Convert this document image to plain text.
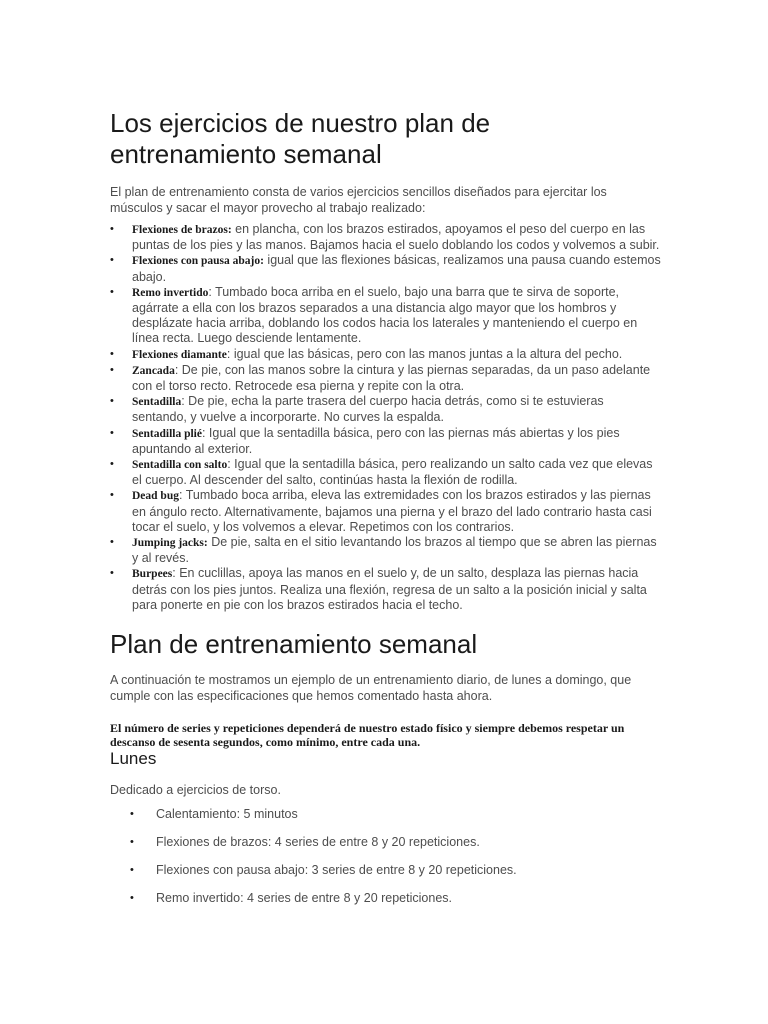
Los ejercicios de nuestro plan de entrenamiento semanal

El plan de entrenamiento consta de varios ejercicios sencillos diseñados para ejercitar los músculos y sacar el mayor provecho al trabajo realizado:

• Flexiones de brazos: en plancha, con los brazos estirados, apoyamos el peso del cuerpo en las puntas de los pies y las manos. Bajamos hacia el suelo doblando los codos y volvemos a subir.
• Flexiones con pausa abajo: igual que las flexiones básicas, realizamos una pausa cuando estemos abajo.
• Remo invertido: Tumbado boca arriba en el suelo, bajo una barra que te sirva de soporte, agárrate a ella con los brazos separados a una distancia algo mayor que los hombros y desplázate hacia arriba, doblando los codos hacia los laterales y manteniendo el cuerpo en línea recta. Luego desciende lentamente.
• Flexiones diamante: igual que las básicas, pero con las manos juntas a la altura del pecho.
• Zancada: De pie, con las manos sobre la cintura y las piernas separadas, da un paso adelante con el torso recto. Retrocede esa pierna y repite con la otra.
• Sentadilla: De pie, echa la parte trasera del cuerpo hacia detrás, como si te estuvieras sentando, y vuelve a incorporarte. No curves la espalda.
• Sentadilla plié: Igual que la sentadilla básica, pero con las piernas más abiertas y los pies apuntando al exterior.
• Sentadilla con salto: Igual que la sentadilla básica, pero realizando un salto cada vez que elevas el cuerpo. Al descender del salto, continúas hasta la flexión de rodilla.
• Dead bug: Tumbado boca arriba, eleva las extremidades con los brazos estirados y las piernas en ángulo recto. Alternativamente, bajamos una pierna y el brazo del lado contrario hasta casi tocar el suelo, y los volvemos a elevar. Repetimos con los contrarios.
• Jumping jacks: De pie, salta en el sitio levantando los brazos al tiempo que se abren las piernas y al revés.
• Burpees: En cuclillas, apoya las manos en el suelo y, de un salto, desplaza las piernas hacia detrás con los pies juntos. Realiza una flexión, regresa de un salto a la posición inicial y salta para ponerte en pie con los brazos estirados hacia el techo.
Plan de entrenamiento semanal

A continuación te mostramos un ejemplo de un entrenamiento diario, de lunes a domingo, que cumple con las especificaciones que hemos comentado hasta ahora.

El número de series y repeticiones dependerá de nuestro estado físico y siempre debemos respetar un descanso de sesenta segundos, como mínimo, entre cada una.

Lunes

Dedicado a ejercicios de torso.

• Calentamiento: 5 minutos
• Flexiones de brazos: 4 series de entre 8 y 20 repeticiones.
• Flexiones con pausa abajo: 3 series de entre 8 y 20 repeticiones.
• Remo invertido: 4 series de entre 8 y 20 repeticiones.
